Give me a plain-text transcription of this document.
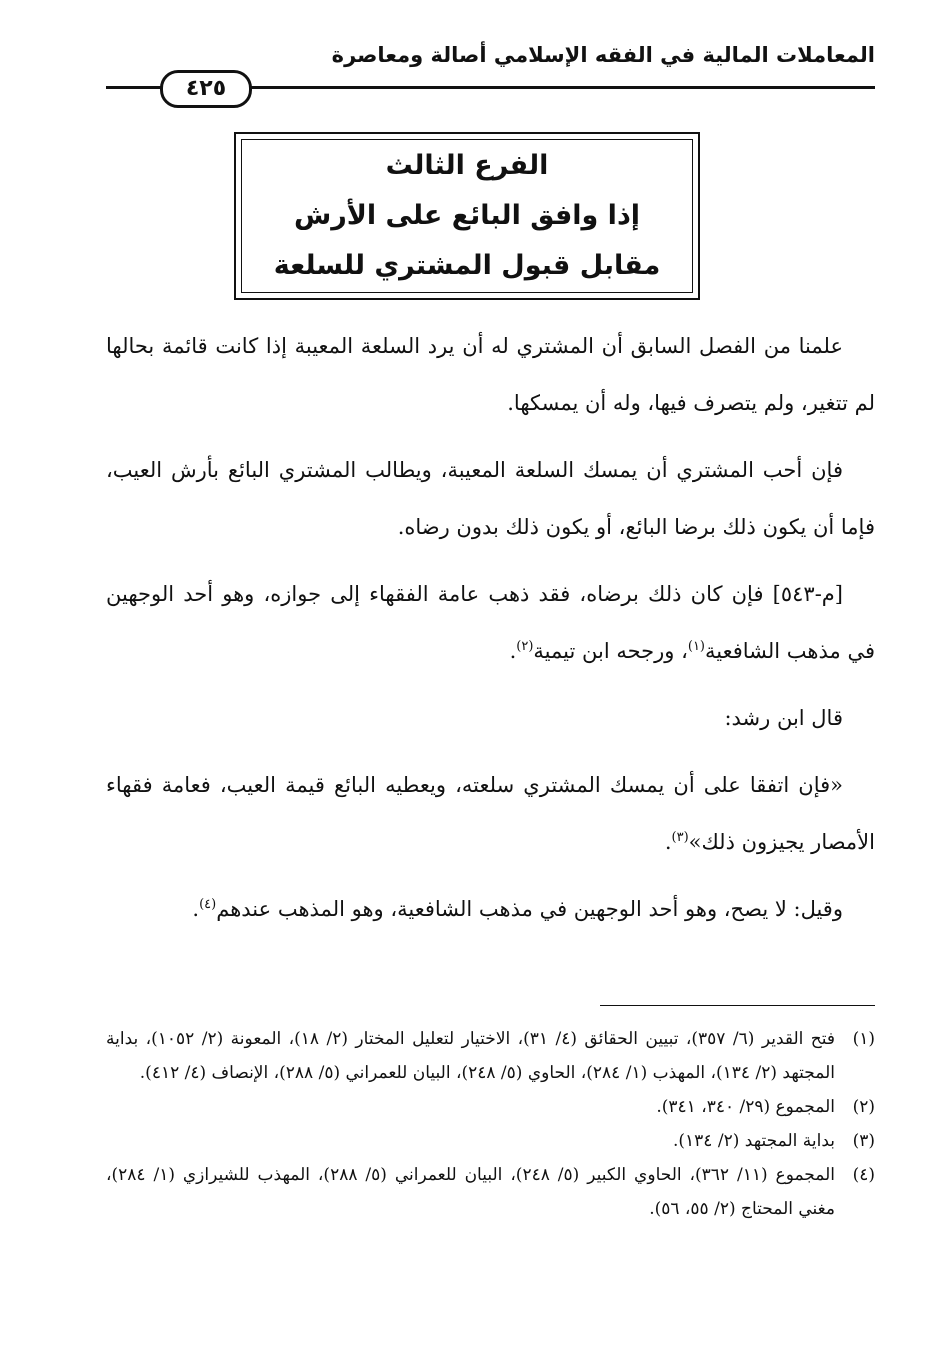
المعاملات المالية في الفقه الإسلامي أصالة ومعاصرة
٤٢٥
الفرع الثالث
إذا وافق البائع على الأرش
مقابل قبول المشتري للسلعة

علمنا من الفصل السابق أن المشتري له أن يرد السلعة المعيبة إذا كانت قائمة بحالها لم تتغير، ولم يتصرف فيها، وله أن يمسكها.

فإن أحب المشتري أن يمسك السلعة المعيبة، ويطالب المشتري البائع بأرش العيب، فإما أن يكون ذلك برضا البائع، أو يكون ذلك بدون رضاه.

[م-٥٤٣] فإن كان ذلك برضاه، فقد ذهب عامة الفقهاء إلى جوازه، وهو أحد الوجهين في مذهب الشافعية$^{(١)}$، ورجحه ابن تيمية$^{(٢)}$.

قال ابن رشد:

«فإن اتفقا على أن يمسك المشتري سلعته، ويعطيه البائع قيمة العيب، فعامة فقهاء الأمصار يجيزون ذلك»$^{(٣)}$.

وقيل: لا يصح، وهو أحد الوجهين في مذهب الشافعية، وهو المذهب عندهم$^{(٤)}$.

(١)
فتح القدير (٦/ ٣٥٧)، تبيين الحقائق (٤/ ٣١)، الاختيار لتعليل المختار (٢/ ١٨)، المعونة (٢/ ١٠٥٢)، بداية المجتهد (٢/ ١٣٤)، المهذب (١/ ٢٨٤)، الحاوي (٥/ ٢٤٨)، البيان للعمراني (٥/ ٢٨٨)، الإنصاف (٤/ ٤١٢).
(٢)
المجموع (٢٩/ ٣٤٠، ٣٤١).
(٣)
بداية المجتهد (٢/ ١٣٤).
(٤)
المجموع (١١/ ٣٦٢)، الحاوي الكبير (٥/ ٢٤٨)، البيان للعمراني (٥/ ٢٨٨)، المهذب للشيرازي (١/ ٢٨٤)، مغني المحتاج (٢/ ٥٥، ٥٦).
